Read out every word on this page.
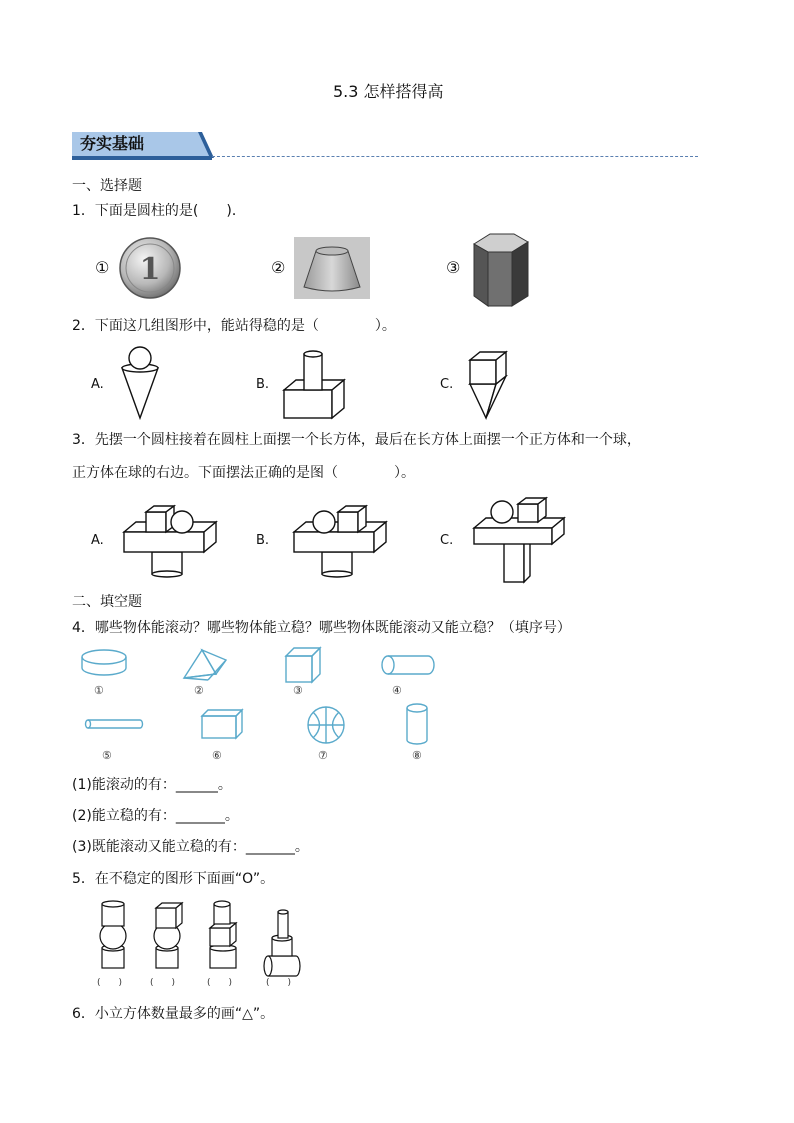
5.3 怎样搭得高
夯实基础
一、选择题
1．下面是圆柱的是(　　)．
① 1	②	③
2．下面这几组图形中，能站得稳的是（　　　　）。
A.	B.	C.
3．先摆一个圆柱接着在圆柱上面摆一个长方体，最后在长方体上面摆一个正方体和一个球，
正方体在球的右边。下面摆法正确的是图（　　　　）。
A.	B.	C.
二、填空题
4．哪些物体能滚动？哪些物体能立稳？哪些物体既能滚动又能立稳？（填序号）
①	②	③	④
⑤	⑥	⑦	⑧
(1)能滚动的有：______。
(2)能立稳的有：_______。
(3)既能滚动又能立稳的有：_______。
5．在不稳定的图形下面画“O”。
(　　)	(　　)	(　　)	(　　)
6．小立方体数量最多的画“△”。
